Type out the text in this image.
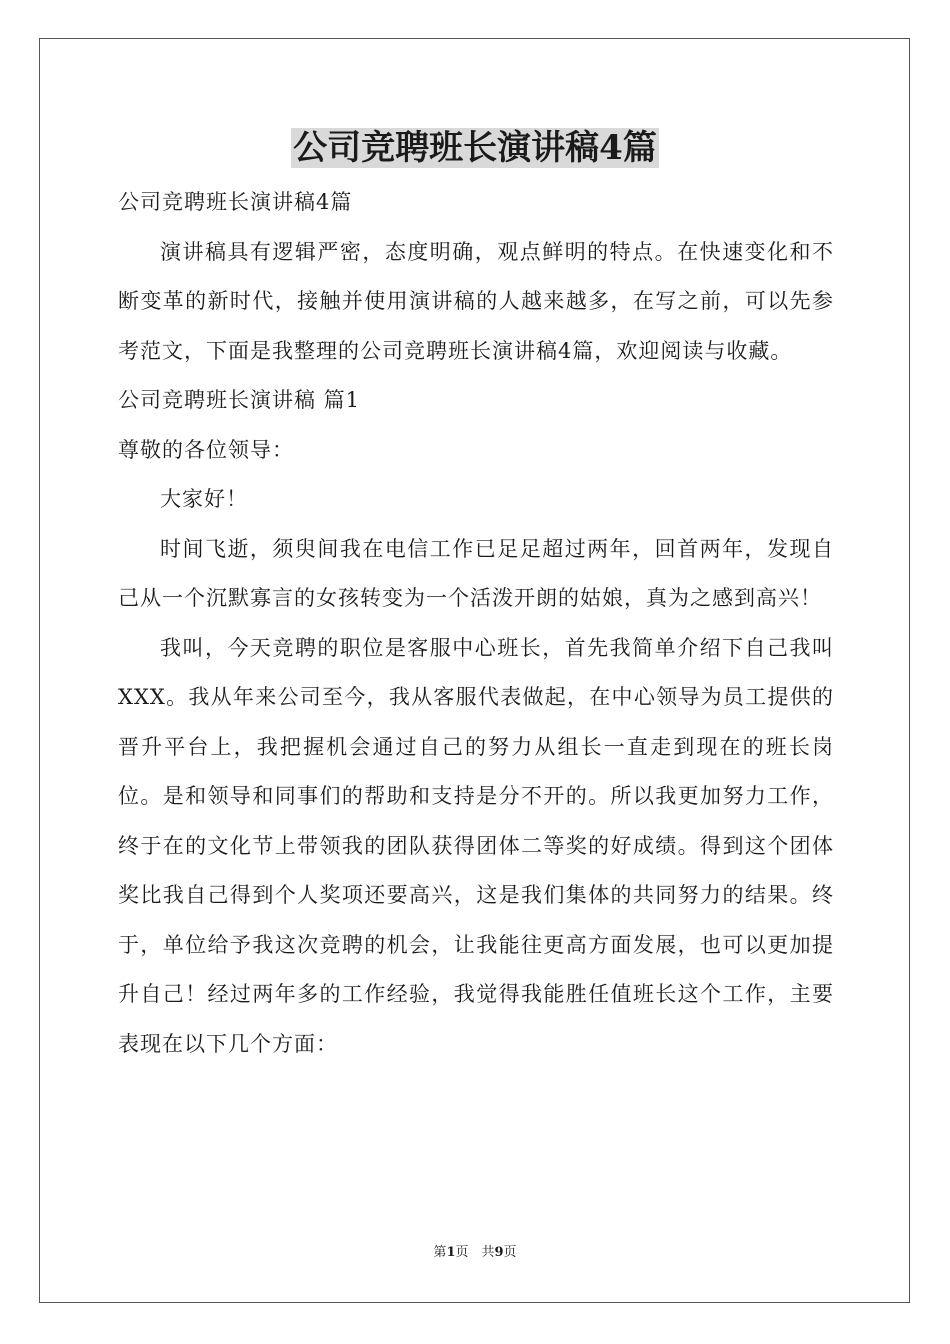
公司竞聘班长演讲稿4篇

公司竞聘班长演讲稿4篇

演讲稿具有逻辑严密，态度明确，观点鲜明的特点。在快速变化和不断变革的新时代，接触并使用演讲稿的人越来越多，在写之前，可以先参考范文，下面是我整理的公司竞聘班长演讲稿4篇，欢迎阅读与收藏。

公司竞聘班长演讲稿 篇1

尊敬的各位领导：

大家好！

时间飞逝，须臾间我在电信工作已足足超过两年，回首两年，发现自己从一个沉默寡言的女孩转变为一个活泼开朗的姑娘，真为之感到高兴！

我叫，今天竞聘的职位是客服中心班长，首先我简单介绍下自己我叫XXX。我从年来公司至今，我从客服代表做起，在中心领导为员工提供的晋升平台上，我把握机会通过自己的努力从组长一直走到现在的班长岗位。是和领导和同事们的帮助和支持是分不开的。所以我更加努力工作，终于在的文化节上带领我的团队获得团体二等奖的好成绩。得到这个团体奖比我自己得到个人奖项还要高兴，这是我们集体的共同努力的结果。终于，单位给予我这次竞聘的机会，让我能往更高方面发展，也可以更加提升自己！经过两年多的工作经验，我觉得我能胜任值班长这个工作，主要表现在以下几个方面：

第1页　共9页
